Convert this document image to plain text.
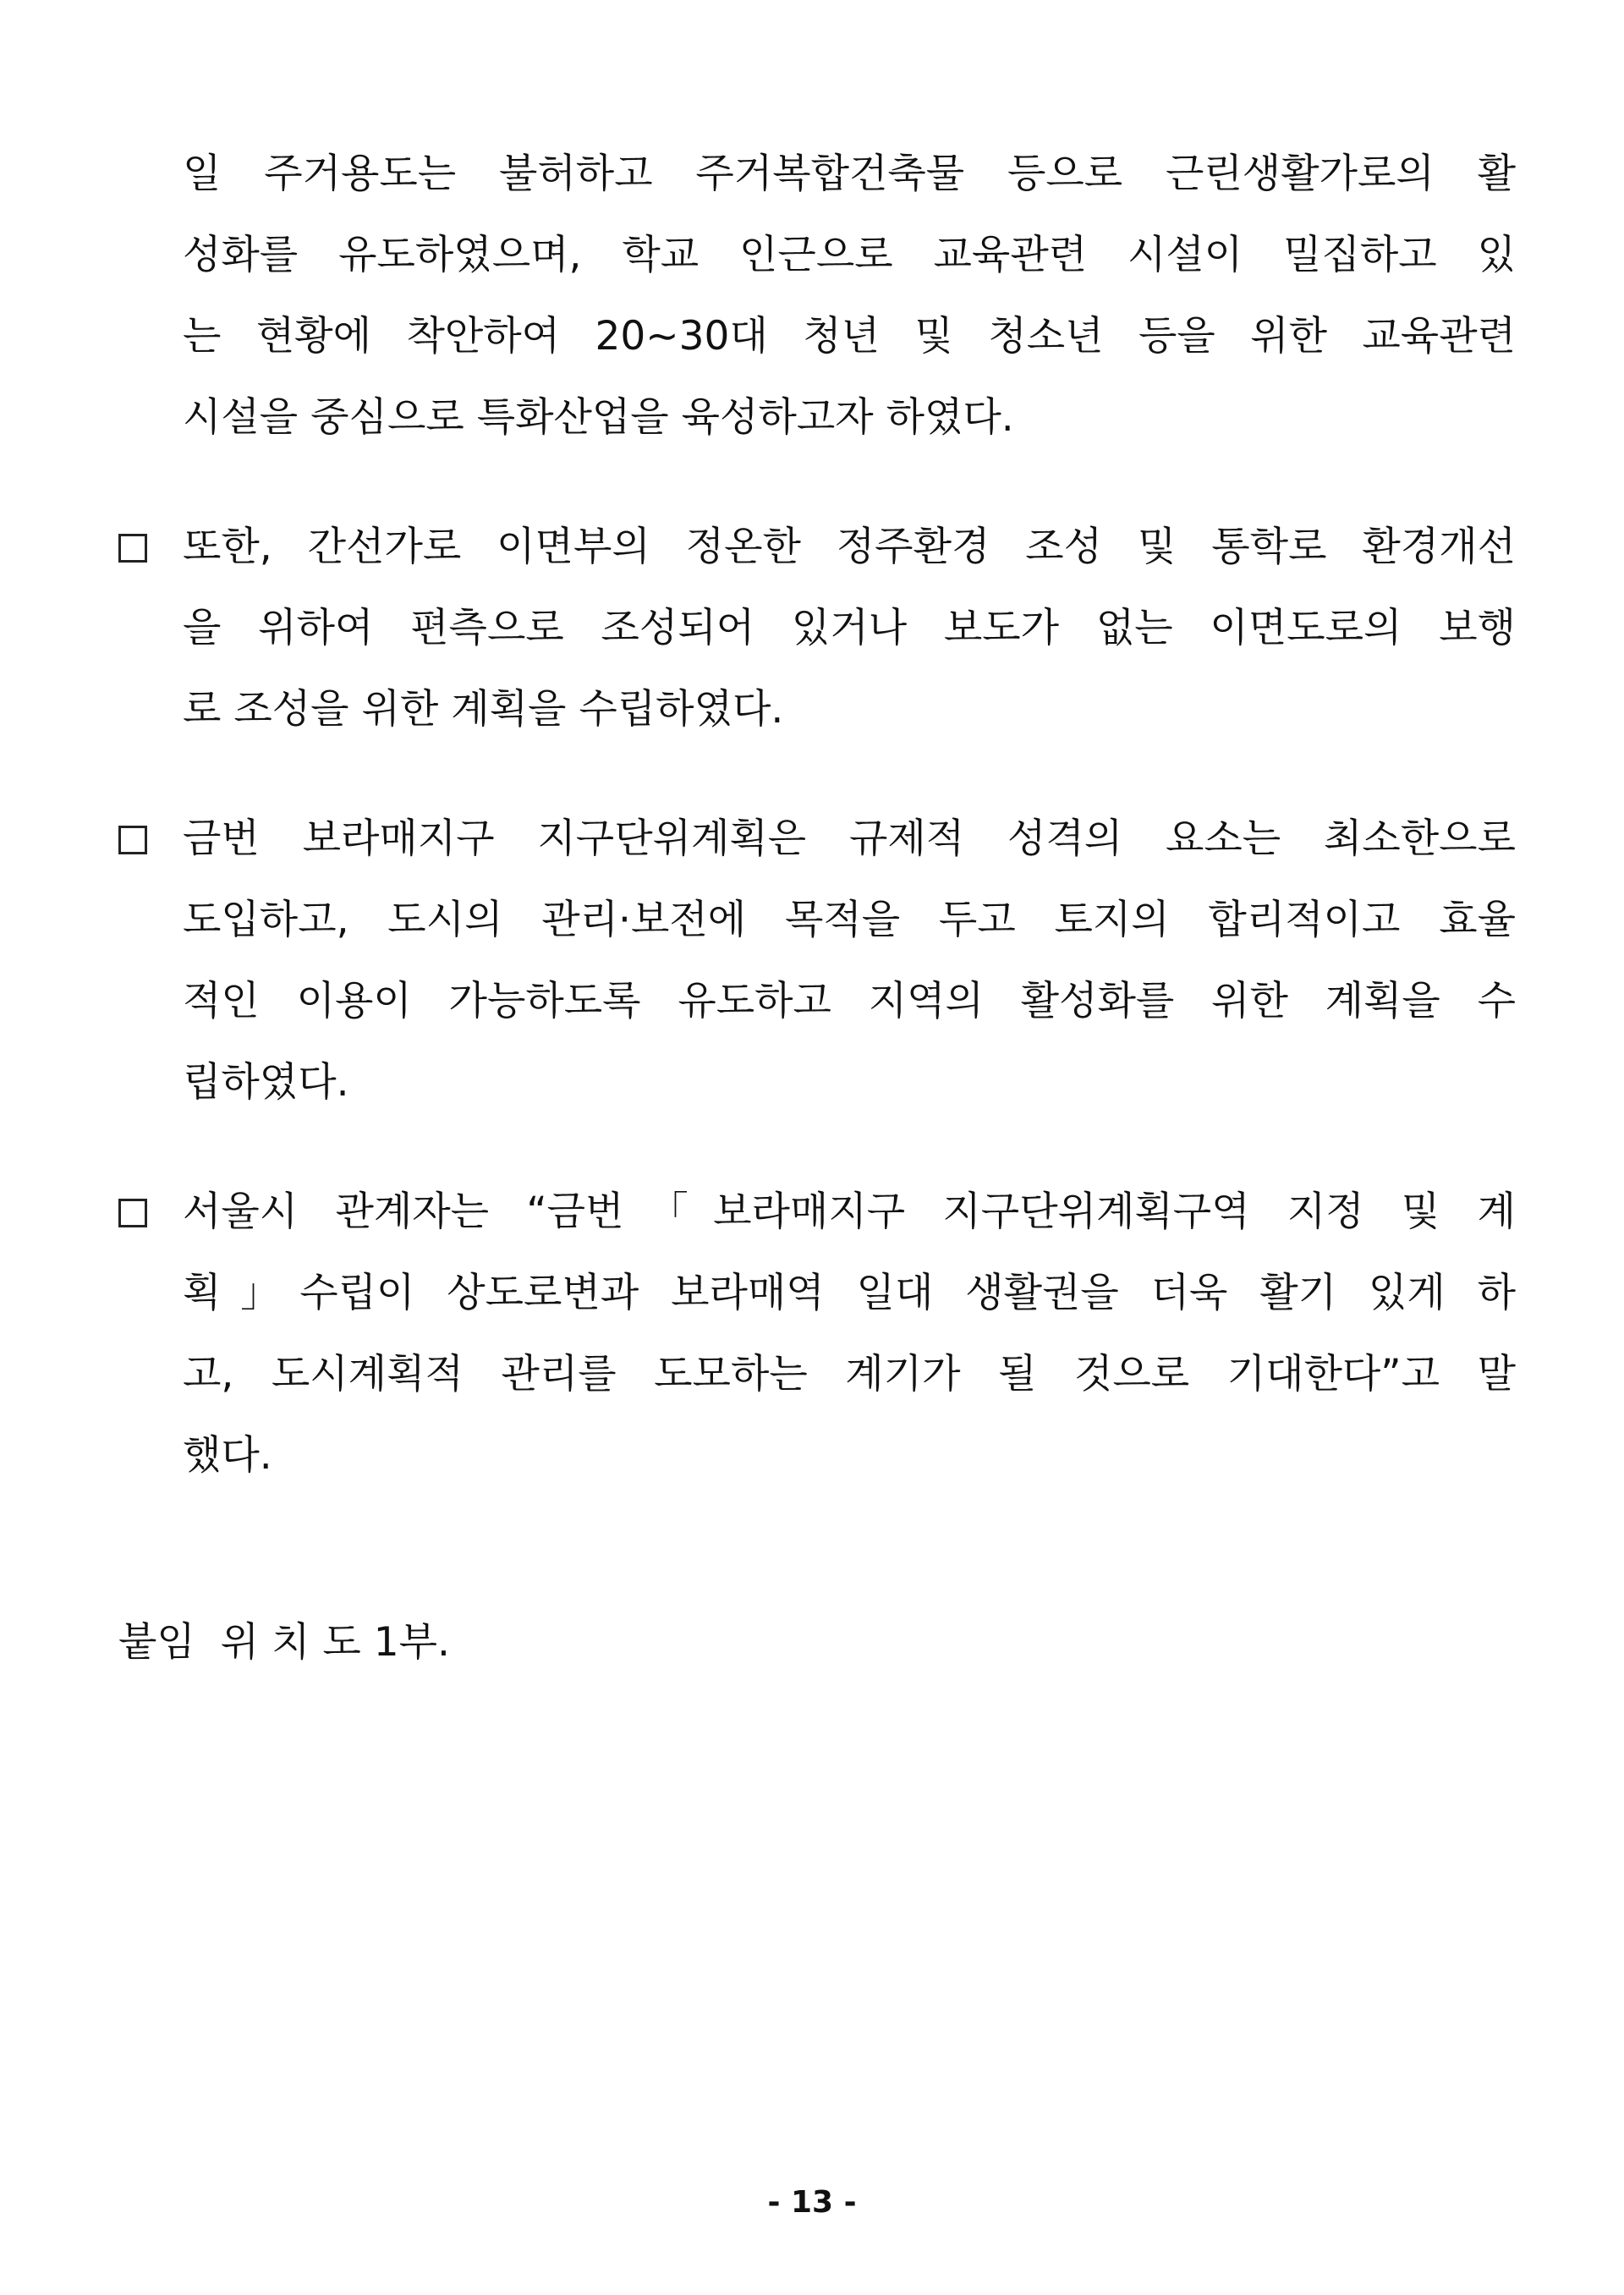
일 주거용도는 불허하고 주거복합건축물 등으로 근린생활가로의 활
성화를 유도하였으며, 학교 인근으로 교육관련 시설이 밀집하고 있
는 현황에 착안하여 20∼30대 청년 및 청소년 등을 위한 교육관련
시설을 중심으로 특화산업을 육성하고자 하였다.
또한, 간선가로 이면부의 정온한 정주환경 조성 및 통학로 환경개선
을 위하여 편측으로 조성되어 있거나 보도가 없는 이면도로의 보행
로 조성을 위한 계획을 수립하였다.
금번 보라매지구 지구단위계획은 규제적 성격의 요소는 최소한으로
도입하고, 도시의 관리·보전에 목적을 두고 토지의 합리적이고 효율
적인 이용이 가능하도록 유도하고 지역의 활성화를 위한 계획을 수
립하였다.
서울시 관계자는 “금번「보라매지구 지구단위계획구역 지정 및 계
획」수립이 상도로변과 보라매역 일대 생활권을 더욱 활기 있게 하
고, 도시계획적 관리를 도모하는 계기가 될 것으로 기대한다”고 말
했다.
붙임  위 치 도 1부.
- 13 -
